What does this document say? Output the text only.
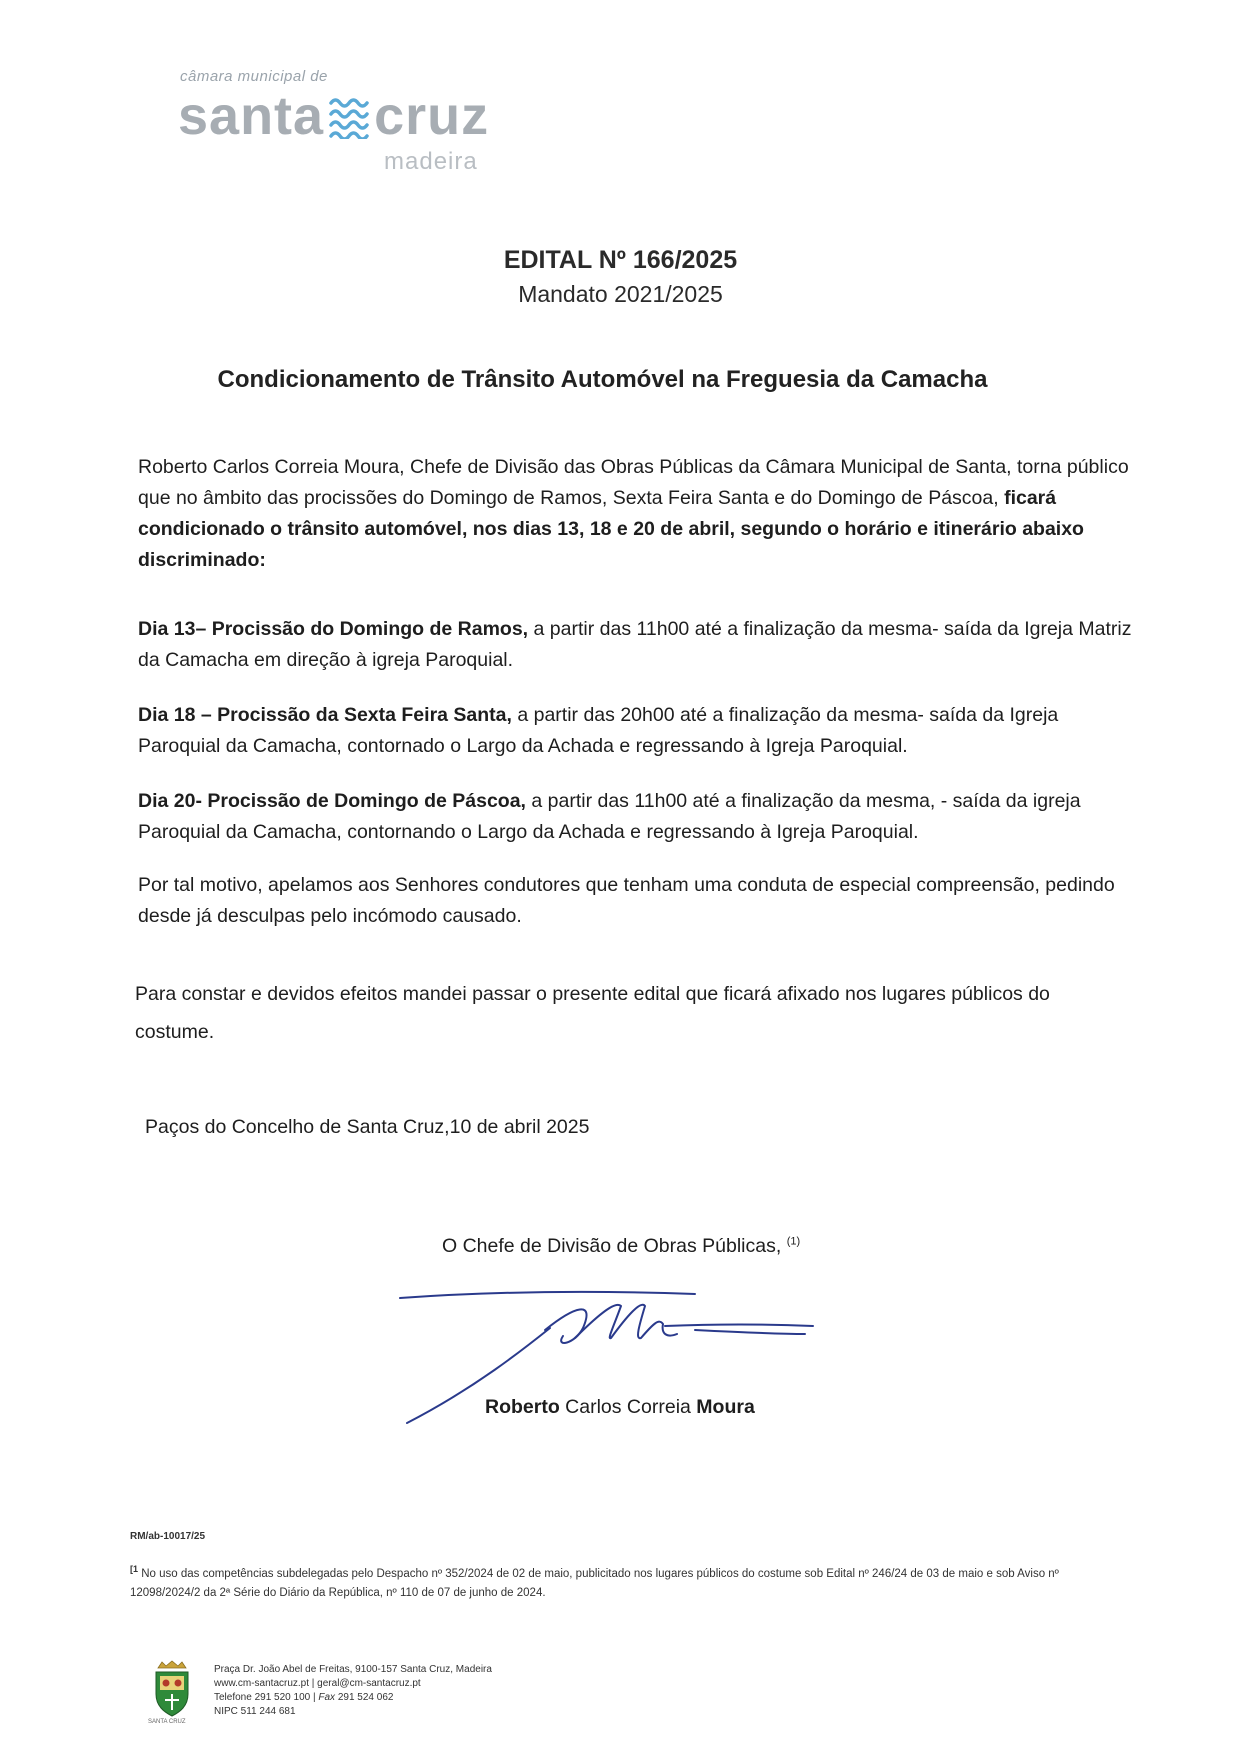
câmara municipal de
santa cruz
madeira
EDITAL Nº 166/2025
Mandato 2021/2025
Condicionamento de Trânsito Automóvel na Freguesia da Camacha
Roberto Carlos Correia Moura, Chefe de Divisão das Obras Públicas da Câmara Municipal de Santa, torna público que no âmbito das procissões do Domingo de Ramos, Sexta Feira Santa e do Domingo de Páscoa, ficará condicionado o trânsito automóvel, nos dias 13, 18 e 20 de abril, segundo o horário e itinerário abaixo discriminado:
Dia 13– Procissão do Domingo de Ramos, a partir das 11h00 até a finalização da mesma- saída da Igreja Matriz da Camacha em direção à igreja Paroquial.
Dia 18 – Procissão da Sexta Feira Santa, a partir das 20h00 até a finalização da mesma- saída da Igreja Paroquial da Camacha, contornado o Largo da Achada e regressando à Igreja Paroquial.
Dia 20- Procissão de Domingo de Páscoa, a partir das 11h00 até a finalização da mesma, - saída da igreja Paroquial da Camacha, contornando o Largo da Achada e regressando à Igreja Paroquial.
Por tal motivo, apelamos aos Senhores condutores que tenham uma conduta de especial compreensão, pedindo desde já desculpas pelo incómodo causado.
Para constar e devidos efeitos mandei passar o presente edital que ficará afixado nos lugares públicos do costume.
Paços do Concelho de Santa Cruz,10 de abril 2025
O Chefe de Divisão de Obras Públicas, $^{(1)}$
Roberto Carlos Correia Moura
RM/ab-10017/25
$^{[1}$ No uso das competências subdelegadas pelo Despacho nº 352/2024 de 02 de maio, publicitado nos lugares públicos do costume sob Edital nº 246/24 de 03 de maio e sob Aviso nº 12098/2024/2 da 2ª Série do Diário da República, nº 110 de 07 de junho de 2024.
SANTA CRUZ
Praça Dr. João Abel de Freitas, 9100-157 Santa Cruz, Madeira
www.cm-santacruz.pt | geral@cm-santacruz.pt
Telefone 291 520 100 | Fax 291 524 062
NIPC 511 244 681
